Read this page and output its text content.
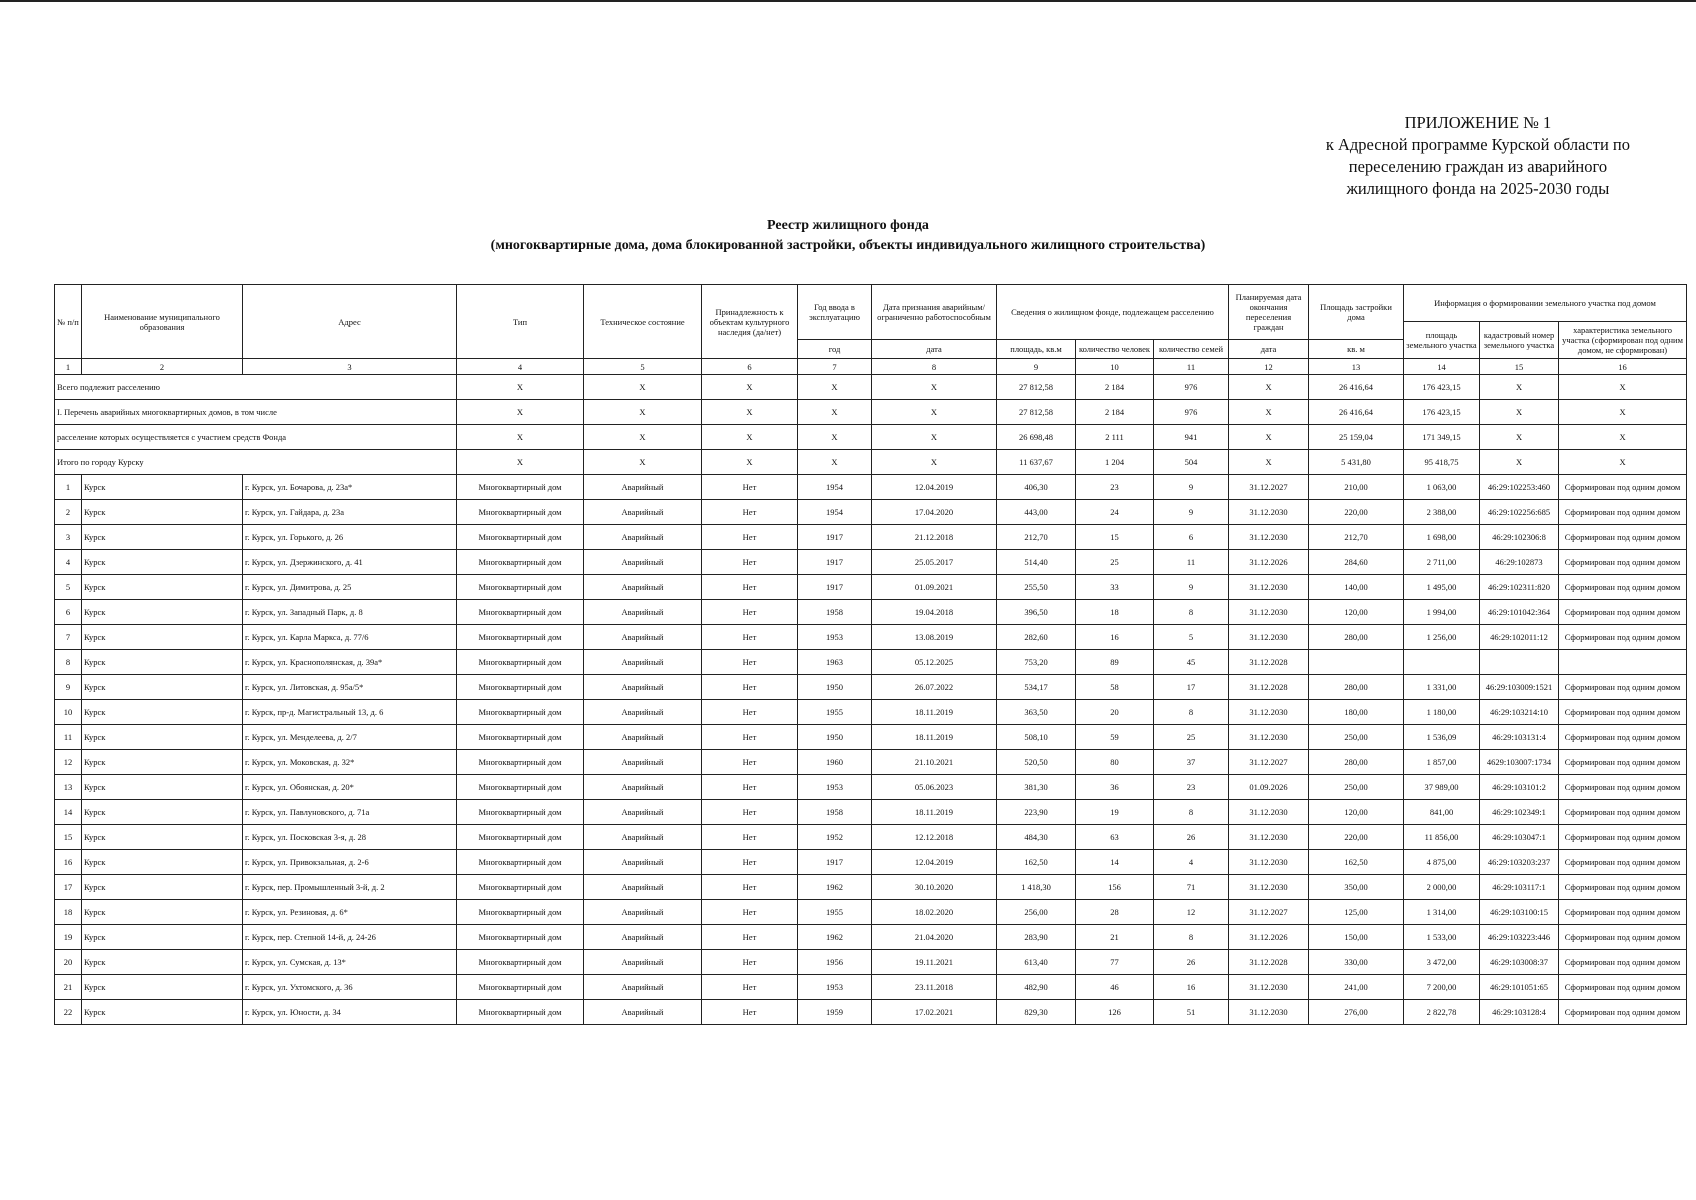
ПРИЛОЖЕНИЕ № 1
к Адресной программе Курской области по
переселению граждан из аварийного
жилищного фонда на 2025-2030 годы
Реестр жилищного фонда
(многоквартирные дома, дома блокированной застройки, объекты индивидуального жилищного строительства)
№ п/п	Наименование муниципального образования	Адрес	Тип	Техническое состояние	Принадлежность к объектам культурного наследия (да/нет)	Год ввода в эксплуатацию	Дата признания аварийным/ограниченно работоспособным	Сведения о жилищном фонде, подлежащем расселению			Планируемая дата окончания переселения граждан	Площадь застройки дома	Информация о формировании земельного участка под домом		
													площадь земельного участка	кадастровый номер земельного участка	характеристика земельного участка (сформирован под одним домом, не сформирован)
						год	дата	площадь, кв.м	количество человек	количество семей	дата	кв. м			
1	2	3	4	5	6	7	8	9	10	11	12	13	14	15	16
Всего подлежит расселению			X	X	X	X	X	27 812,58	2 184	976	X	26 416,64	176 423,15	X	X
I. Перечень аварийных многоквартирных домов, в том числе			X	X	X	X	X	27 812,58	2 184	976	X	26 416,64	176 423,15	X	X
расселение которых осуществляется с участием средств Фонда			X	X	X	X	X	26 698,48	2 111	941	X	25 159,04	171 349,15	X	X
Итого по городу Курску			X	X	X	X	X	11 637,67	1 204	504	X	5 431,80	95 418,75	X	X
1	Курск	г. Курск, ул. Бочарова, д. 23а*	Многоквартирный дом	Аварийный	Нет	1954	12.04.2019	406,30	23	9	31.12.2027	210,00	1 063,00	46:29:102253:460	Сформирован под одним домом
2	Курск	г. Курск, ул. Гайдара, д. 23а	Многоквартирный дом	Аварийный	Нет	1954	17.04.2020	443,00	24	9	31.12.2030	220,00	2 388,00	46:29:102256:685	Сформирован под одним домом
3	Курск	г. Курск, ул. Горького, д. 26	Многоквартирный дом	Аварийный	Нет	1917	21.12.2018	212,70	15	6	31.12.2030	212,70	1 698,00	46:29:102306:8	Сформирован под одним домом
4	Курск	г. Курск, ул. Дзержинского, д. 41	Многоквартирный дом	Аварийный	Нет	1917	25.05.2017	514,40	25	11	31.12.2026	284,60	2 711,00	46:29:102873	Сформирован под одним домом
5	Курск	г. Курск, ул. Димитрова, д. 25	Многоквартирный дом	Аварийный	Нет	1917	01.09.2021	255,50	33	9	31.12.2030	140,00	1 495,00	46:29:102311:820	Сформирован под одним домом
6	Курск	г. Курск, ул. Западный Парк, д. 8	Многоквартирный дом	Аварийный	Нет	1958	19.04.2018	396,50	18	8	31.12.2030	120,00	1 994,00	46:29:101042:364	Сформирован под одним домом
7	Курск	г. Курск, ул. Карла Маркса, д. 77/6	Многоквартирный дом	Аварийный	Нет	1953	13.08.2019	282,60	16	5	31.12.2030	280,00	1 256,00	46:29:102011:12	Сформирован под одним домом
8	Курск	г. Курск, ул. Краснополянская, д. 39а*	Многоквартирный дом	Аварийный	Нет	1963	05.12.2025	753,20	89	45	31.12.2028				
9	Курск	г. Курск, ул. Литовская, д. 95а/5*	Многоквартирный дом	Аварийный	Нет	1950	26.07.2022	534,17	58	17	31.12.2028	280,00	1 331,00	46:29:103009:1521	Сформирован под одним домом
10	Курск	г. Курск, пр-д. Магистральный 13, д. 6	Многоквартирный дом	Аварийный	Нет	1955	18.11.2019	363,50	20	8	31.12.2030	180,00	1 180,00	46:29:103214:10	Сформирован под одним домом
11	Курск	г. Курск, ул. Менделеева, д. 2/7	Многоквартирный дом	Аварийный	Нет	1950	18.11.2019	508,10	59	25	31.12.2030	250,00	1 536,09	46:29:103131:4	Сформирован под одним домом
12	Курск	г. Курск, ул. Моковская, д. 32*	Многоквартирный дом	Аварийный	Нет	1960	21.10.2021	520,50	80	37	31.12.2027	280,00	1 857,00	4629:103007:1734	Сформирован под одним домом
13	Курск	г. Курск, ул. Обоянская, д. 20*	Многоквартирный дом	Аварийный	Нет	1953	05.06.2023	381,30	36	23	01.09.2026	250,00	37 989,00	46:29:103101:2	Сформирован под одним домом
14	Курск	г. Курск, ул. Павлуновского, д. 71а	Многоквартирный дом	Аварийный	Нет	1958	18.11.2019	223,90	19	8	31.12.2030	120,00	841,00	46:29:102349:1	Сформирован под одним домом
15	Курск	г. Курск, ул. Посковская 3-я, д. 28	Многоквартирный дом	Аварийный	Нет	1952	12.12.2018	484,30	63	26	31.12.2030	220,00	11 856,00	46:29:103047:1	Сформирован под одним домом
16	Курск	г. Курск, ул. Привокзальная, д. 2-6	Многоквартирный дом	Аварийный	Нет	1917	12.04.2019	162,50	14	4	31.12.2030	162,50	4 875,00	46:29:103203:237	Сформирован под одним домом
17	Курск	г. Курск, пер. Промышленный 3-й, д. 2	Многоквартирный дом	Аварийный	Нет	1962	30.10.2020	1 418,30	156	71	31.12.2030	350,00	2 000,00	46:29:103117:1	Сформирован под одним домом
18	Курск	г. Курск, ул. Резиновая, д. 6*	Многоквартирный дом	Аварийный	Нет	1955	18.02.2020	256,00	28	12	31.12.2027	125,00	1 314,00	46:29:103100:15	Сформирован под одним домом
19	Курск	г. Курск, пер. Степной 14-й, д. 24-26	Многоквартирный дом	Аварийный	Нет	1962	21.04.2020	283,90	21	8	31.12.2026	150,00	1 533,00	46:29:103223:446	Сформирован под одним домом
20	Курск	г. Курск, ул. Сумская, д. 13*	Многоквартирный дом	Аварийный	Нет	1956	19.11.2021	613,40	77	26	31.12.2028	330,00	3 472,00	46:29:103008:37	Сформирован под одним домом
21	Курск	г. Курск, ул. Ухтомского, д. 36	Многоквартирный дом	Аварийный	Нет	1953	23.11.2018	482,90	46	16	31.12.2030	241,00	7 200,00	46:29:101051:65	Сформирован под одним домом
22	Курск	г. Курск, ул. Юности, д. 34	Многоквартирный дом	Аварийный	Нет	1959	17.02.2021	829,30	126	51	31.12.2030	276,00	2 822,78	46:29:103128:4	Сформирован под одним домом
